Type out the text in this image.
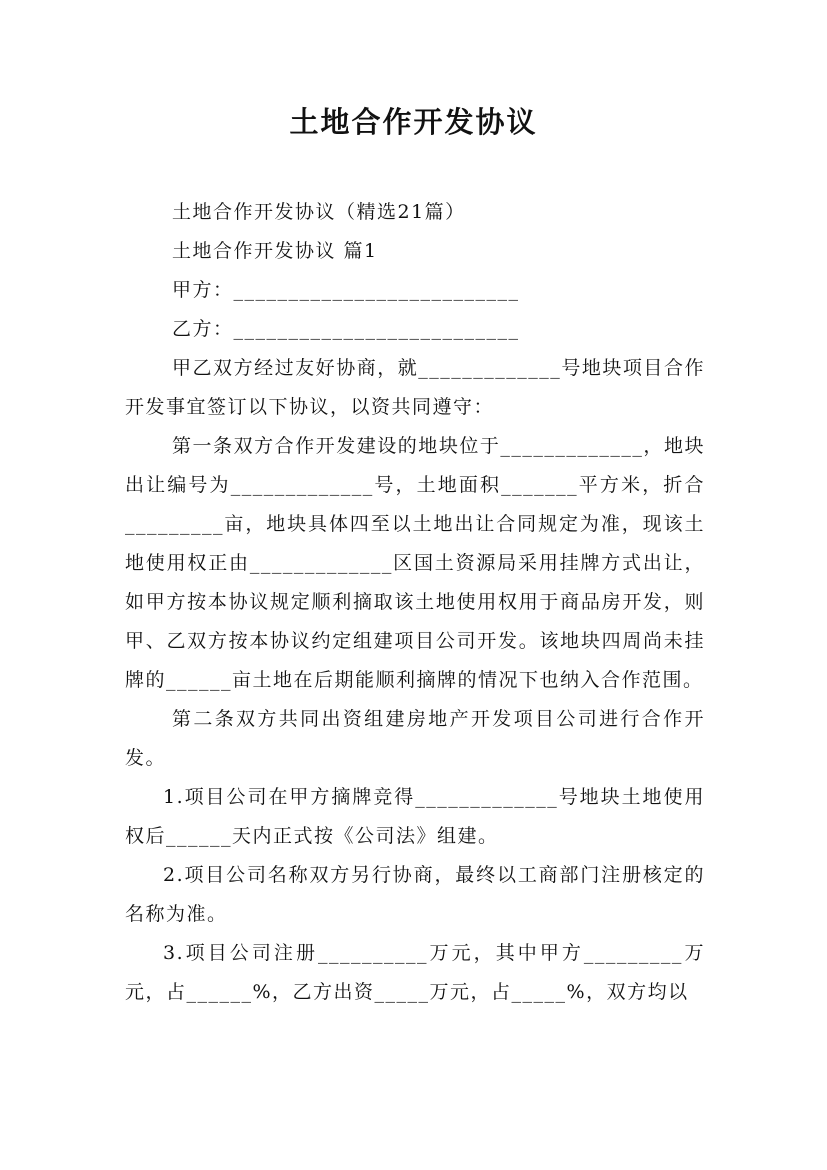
土地合作开发协议
土地合作开发协议（精选21篇）
土地合作开发协议 篇1
甲方：__________________________
乙方：__________________________
甲乙双方经过友好协商，就_____________号地块项目合作开发事宜签订以下协议，以资共同遵守：
第一条双方合作开发建设的地块位于_____________，地块出让编号为_____________号，土地面积_______平方米，折合_________亩，地块具体四至以土地出让合同规定为准，现该土地使用权正由_____________区国土资源局采用挂牌方式出让，如甲方按本协议规定顺利摘取该土地使用权用于商品房开发，则甲、乙双方按本协议约定组建项目公司开发。该地块四周尚未挂牌的______亩土地在后期能顺利摘牌的情况下也纳入合作范围。
第二条双方共同出资组建房地产开发项目公司进行合作开发。
1.项目公司在甲方摘牌竞得_____________号地块土地使用权后______天内正式按《公司法》组建。
2.项目公司名称双方另行协商，最终以工商部门注册核定的名称为准。
3.项目公司注册__________万元，其中甲方_________万元，占______%，乙方出资_____万元，占_____%，双方均以
